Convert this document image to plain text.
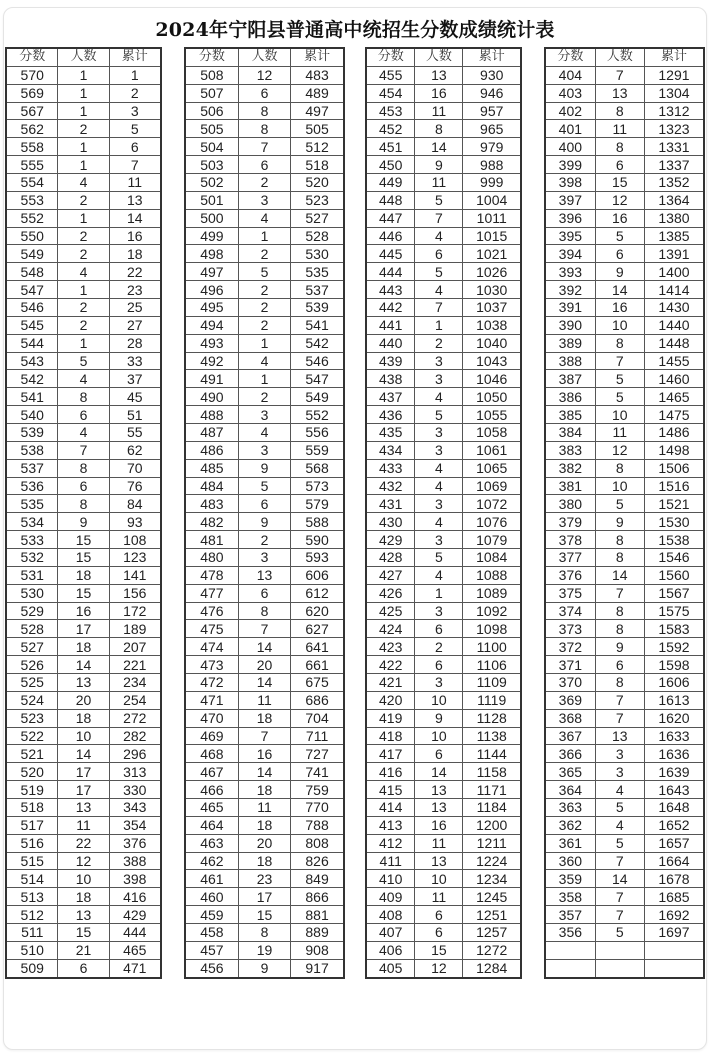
2024年宁阳县普通高中统招生分数成绩统计表
分数	人数	累计
570	1	1
569	1	2
567	1	3
562	2	5
558	1	6
555	1	7
554	4	11
553	2	13
552	1	14
550	2	16
549	2	18
548	4	22
547	1	23
546	2	25
545	2	27
544	1	28
543	5	33
542	4	37
541	8	45
540	6	51
539	4	55
538	7	62
537	8	70
536	6	76
535	8	84
534	9	93
533	15	108
532	15	123
531	18	141
530	15	156
529	16	172
528	17	189
527	18	207
526	14	221
525	13	234
524	20	254
523	18	272
522	10	282
521	14	296
520	17	313
519	17	330
518	13	343
517	11	354
516	22	376
515	12	388
514	10	398
513	18	416
512	13	429
511	15	444
510	21	465
509	6	471
分数	人数	累计
508	12	483
507	6	489
506	8	497
505	8	505
504	7	512
503	6	518
502	2	520
501	3	523
500	4	527
499	1	528
498	2	530
497	5	535
496	2	537
495	2	539
494	2	541
493	1	542
492	4	546
491	1	547
490	2	549
488	3	552
487	4	556
486	3	559
485	9	568
484	5	573
483	6	579
482	9	588
481	2	590
480	3	593
478	13	606
477	6	612
476	8	620
475	7	627
474	14	641
473	20	661
472	14	675
471	11	686
470	18	704
469	7	711
468	16	727
467	14	741
466	18	759
465	11	770
464	18	788
463	20	808
462	18	826
461	23	849
460	17	866
459	15	881
458	8	889
457	19	908
456	9	917
分数	人数	累计
455	13	930
454	16	946
453	11	957
452	8	965
451	14	979
450	9	988
449	11	999
448	5	1004
447	7	1011
446	4	1015
445	6	1021
444	5	1026
443	4	1030
442	7	1037
441	1	1038
440	2	1040
439	3	1043
438	3	1046
437	4	1050
436	5	1055
435	3	1058
434	3	1061
433	4	1065
432	4	1069
431	3	1072
430	4	1076
429	3	1079
428	5	1084
427	4	1088
426	1	1089
425	3	1092
424	6	1098
423	2	1100
422	6	1106
421	3	1109
420	10	1119
419	9	1128
418	10	1138
417	6	1144
416	14	1158
415	13	1171
414	13	1184
413	16	1200
412	11	1211
411	13	1224
410	10	1234
409	11	1245
408	6	1251
407	6	1257
406	15	1272
405	12	1284
分数	人数	累计
404	7	1291
403	13	1304
402	8	1312
401	11	1323
400	8	1331
399	6	1337
398	15	1352
397	12	1364
396	16	1380
395	5	1385
394	6	1391
393	9	1400
392	14	1414
391	16	1430
390	10	1440
389	8	1448
388	7	1455
387	5	1460
386	5	1465
385	10	1475
384	11	1486
383	12	1498
382	8	1506
381	10	1516
380	5	1521
379	9	1530
378	8	1538
377	8	1546
376	14	1560
375	7	1567
374	8	1575
373	8	1583
372	9	1592
371	6	1598
370	8	1606
369	7	1613
368	7	1620
367	13	1633
366	3	1636
365	3	1639
364	4	1643
363	5	1648
362	4	1652
361	5	1657
360	7	1664
359	14	1678
358	7	1685
357	7	1692
356	5	1697
